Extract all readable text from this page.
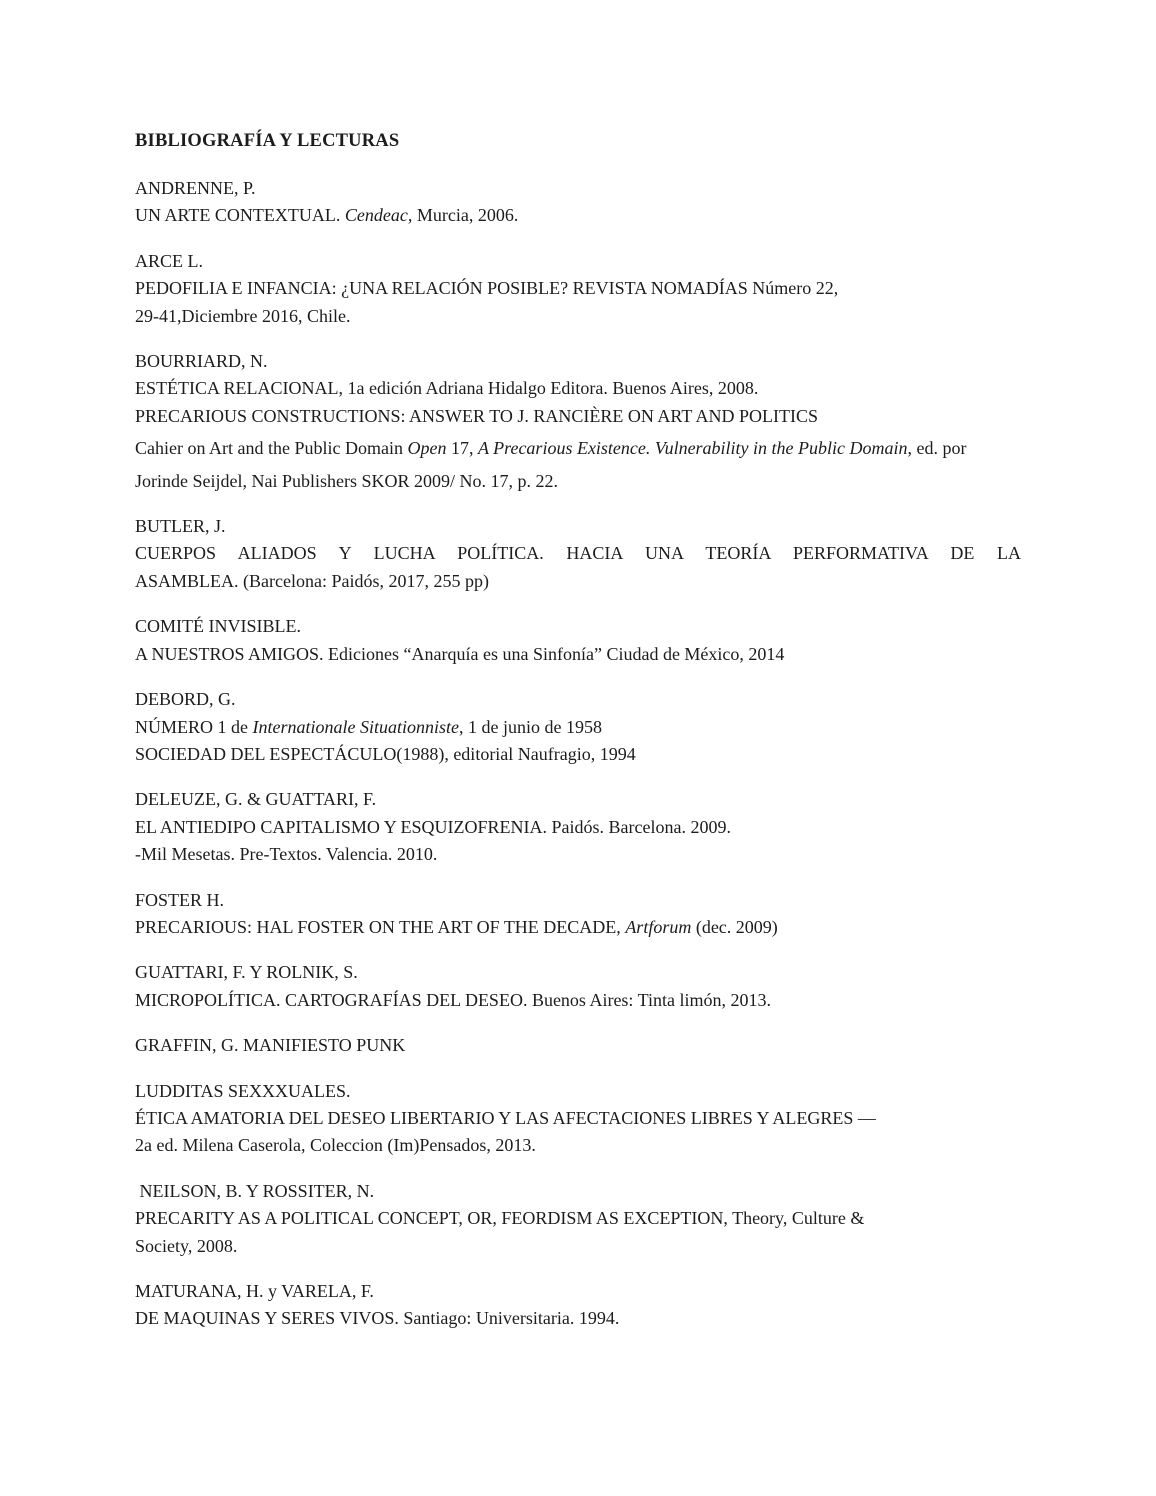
BIBLIOGRAFÍA Y LECTURAS
ANDRENNE, P.
UN ARTE CONTEXTUAL. Cendeac, Murcia, 2006.
ARCE L.
PEDOFILIA E INFANCIA: ¿UNA RELACIÓN POSIBLE? REVISTA NOMADÍAS Número 22,
29-41,Diciembre 2016, Chile.
BOURRIARD, N.
ESTÉTICA RELACIONAL, 1a edición Adriana Hidalgo Editora. Buenos Aires, 2008.
PRECARIOUS CONSTRUCTIONS: ANSWER TO J. RANCIÈRE ON ART AND POLITICS
Cahier on Art and the Public Domain Open 17, A Precarious Existence. Vulnerability in the Public Domain, ed. por
Jorinde Seijdel, Nai Publishers SKOR 2009/ No. 17, p. 22.
BUTLER, J.
CUERPOS ALIADOS Y LUCHA POLÍTICA. HACIA UNA TEORÍA PERFORMATIVA DE LA
ASAMBLEA. (Barcelona: Paidós, 2017, 255 pp)
COMITÉ INVISIBLE.
A NUESTROS AMIGOS. Ediciones “Anarquía es una Sinfonía” Ciudad de México, 2014
DEBORD, G.
NÚMERO 1 de Internationale Situationniste, 1 de junio de 1958
SOCIEDAD DEL ESPECTÁCULO(1988), editorial Naufragio, 1994
DELEUZE, G. & GUATTARI, F.
EL ANTIEDIPO CAPITALISMO Y ESQUIZOFRENIA. Paidós. Barcelona. 2009.
-Mil Mesetas. Pre-Textos. Valencia. 2010.
FOSTER H.
PRECARIOUS: HAL FOSTER ON THE ART OF THE DECADE, Artforum (dec. 2009)
GUATTARI, F. Y ROLNIK, S.
MICROPOLÍTICA. CARTOGRAFÍAS DEL DESEO. Buenos Aires: Tinta limón, 2013.
GRAFFIN, G. MANIFIESTO PUNK
LUDDITAS SEXXXUALES.
ÉTICA AMATORIA DEL DESEO LIBERTARIO Y LAS AFECTACIONES LIBRES Y ALEGRES —
2a ed. Milena Caserola, Coleccion (Im)Pensados, 2013.
NEILSON, B. Y ROSSITER, N.
PRECARITY AS A POLITICAL CONCEPT, OR, FEORDISM AS EXCEPTION, Theory, Culture &
Society, 2008.
MATURANA, H. y VARELA, F.
DE MAQUINAS Y SERES VIVOS. Santiago: Universitaria. 1994.
